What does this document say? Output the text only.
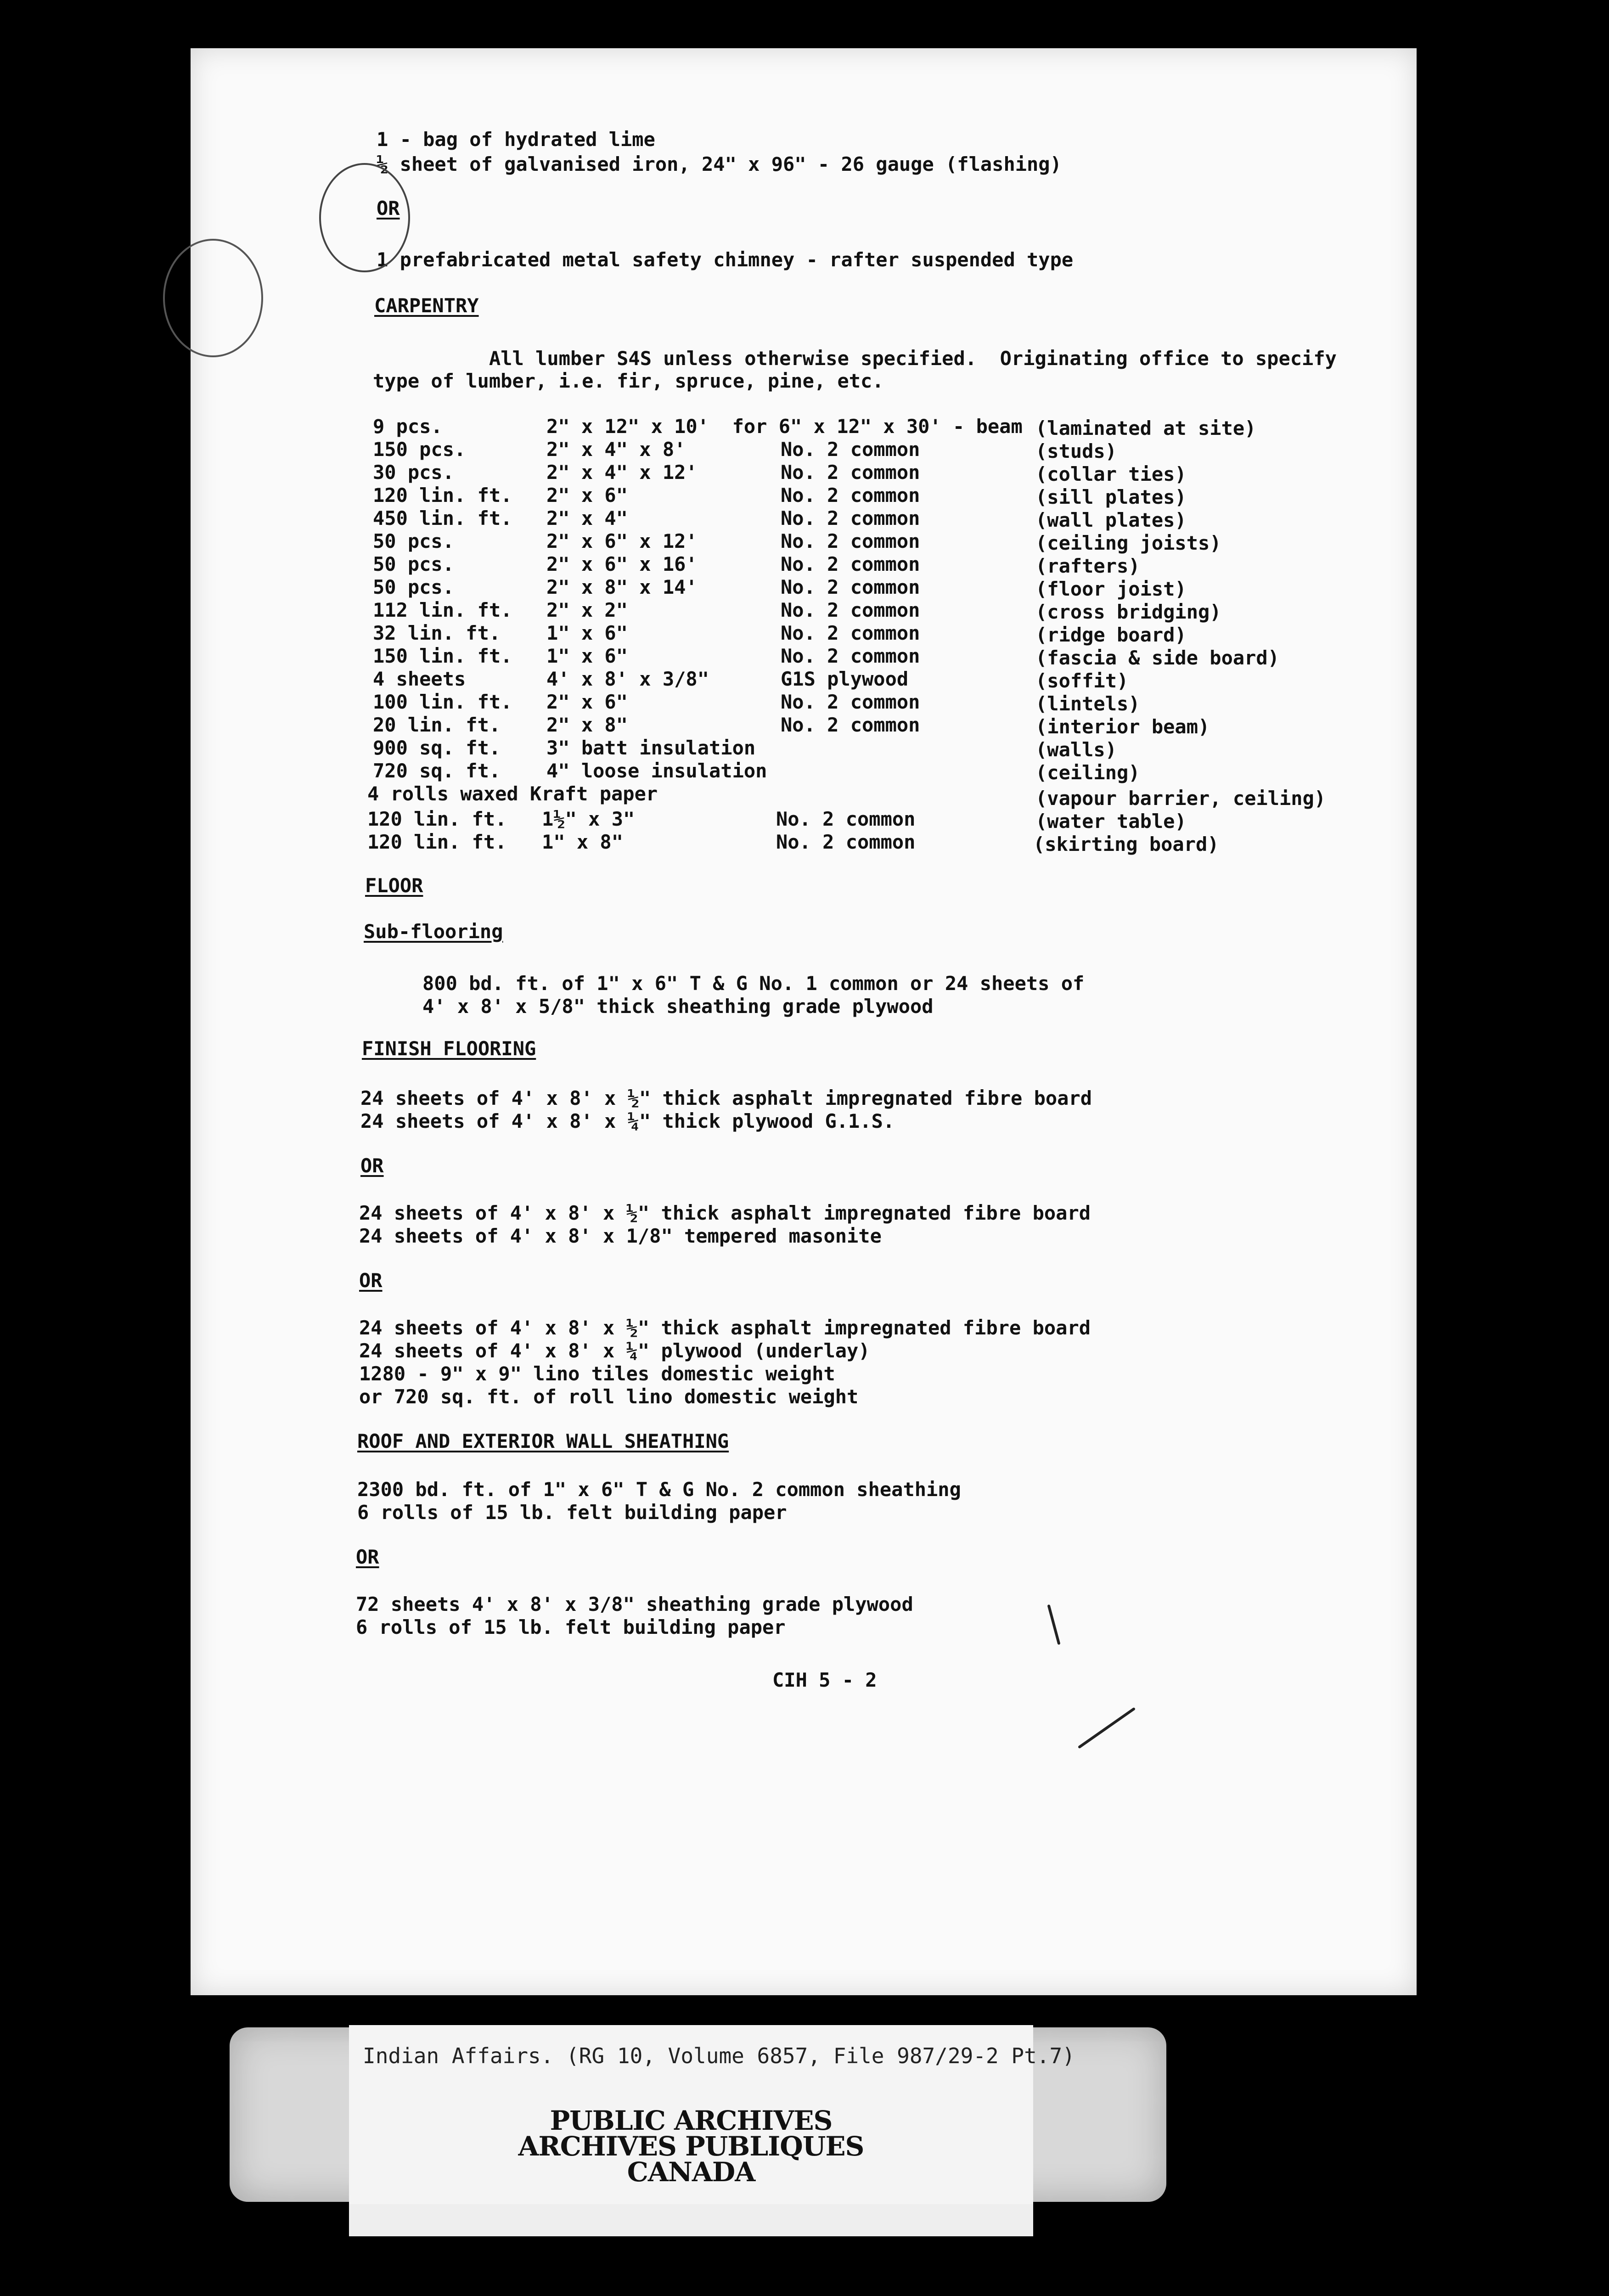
1 - bag of hydrated lime
½ sheet of galvanised iron, 24" x 96" - 26 gauge (flashing)
OR
1 prefabricated metal safety chimney - rafter suspended type
CARPENTRY
All lumber S4S unless otherwise specified.  Originating office to specify
type of lumber, i.e. fir, spruce, pine, etc.
9 pcs.	2" x 12" x 10'  for 6" x 12" x 30' - beam (laminated at site)
150 pcs.	2" x 4" x 8'	No. 2 common	(studs)
30 pcs.	2" x 4" x 12'	No. 2 common	(collar ties)
120 lin. ft. 2" x 6"	No. 2 common	(sill plates)
450 lin. ft. 2" x 4"	No. 2 common	(wall plates)
50 pcs.	2" x 6" x 12'	No. 2 common	(ceiling joists)
50 pcs.	2" x 6" x 16'	No. 2 common	(rafters)
50 pcs.	2" x 8" x 14'	No. 2 common	(floor joist)
112 lin. ft. 2" x 2"	No. 2 common	(cross bridging)
32 lin. ft. 1" x 6"	No. 2 common	(ridge board)
150 lin. ft. 1" x 6"	No. 2 common	(fascia & side board)
4 sheets	4' x 8' x 3/8"	G1S plywood	(soffit)
100 lin. ft. 2" x 6"	No. 2 common	(lintels)
20 lin. ft. 2" x 8"	No. 2 common	(interior beam)
900 sq. ft. 3" batt insulation	(walls)
720 sq. ft. 4" loose insulation	(ceiling)
4 rolls waxed Kraft paper	(vapour barrier, ceiling)
120 lin. ft. 1½" x 3"	No. 2 common	(water table)
120 lin. ft. 1" x 8"	No. 2 common	(skirting board)
FLOOR
Sub-flooring
800 bd. ft. of 1" x 6" T & G No. 1 common or 24 sheets of
4' x 8' x 5/8" thick sheathing grade plywood
FINISH FLOORING
24 sheets of 4' x 8' x ½" thick asphalt impregnated fibre board
24 sheets of 4' x 8' x ¼" thick plywood G.1.S.
OR
24 sheets of 4' x 8' x ½" thick asphalt impregnated fibre board
24 sheets of 4' x 8' x 1/8" tempered masonite
OR
24 sheets of 4' x 8' x ½" thick asphalt impregnated fibre board
24 sheets of 4' x 8' x ¼" plywood (underlay)
1280 - 9" x 9" lino tiles domestic weight
or 720 sq. ft. of roll lino domestic weight
ROOF AND EXTERIOR WALL SHEATHING
2300 bd. ft. of 1" x 6" T & G No. 2 common sheathing
6 rolls of 15 lb. felt building paper
OR
72 sheets 4' x 8' x 3/8" sheathing grade plywood
6 rolls of 15 lb. felt building paper
CIH 5 - 2
Indian Affairs. (RG 10, Volume 6857, File 987/29-2 Pt.7)
PUBLIC ARCHIVES
ARCHIVES PUBLIQUES
CANADA
